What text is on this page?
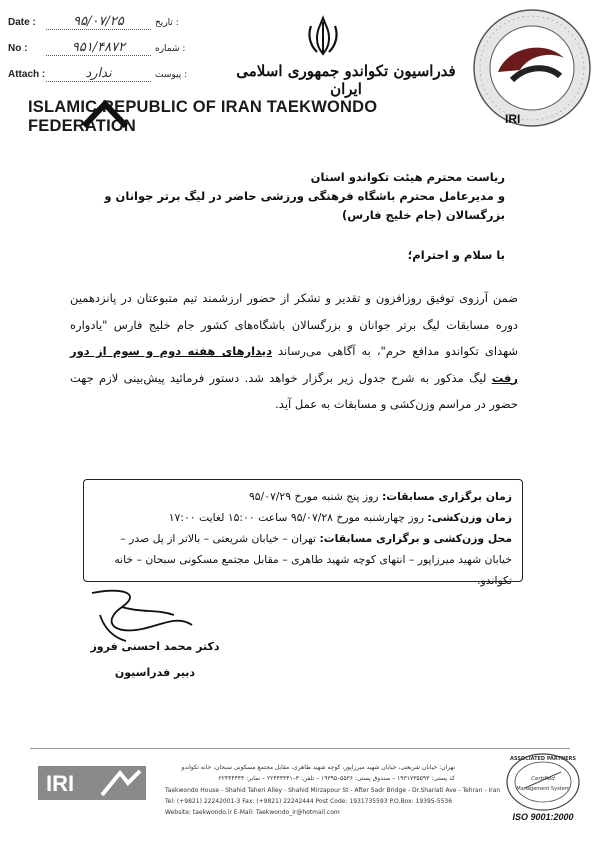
Date :	۹۵/۰۷/۲۵	تاریخ :
No :	۹۵۱/۴۸۷۲	شماره :
Attach :	ندارد	پیوست :	فدراسیون تکواندو جمهوری اسلامی ایران
ISLAMIC REPUBLIC OF IRAN TAEKWONDO FEDERATION	IRI
ریاست محترم هیئت تکواندو استان
و مدیرعامل محترم باشگاه فرهنگی ورزشی حاضر در لیگ برتر جوانان و بزرگسالان (جام خلیج فارس)
با سلام و احترام؛
ضمن آرزوی توفیق روزافزون و تقدیر و تشکر از حضور ارزشمند تیم متبوعتان در پانزدهمین دوره مسابقات لیگ برتر جوانان و بزرگسالان باشگاه‌های کشور جام خلیج فارس "یادواره شهدای تکواندو مدافع حرم"، به آگاهی می‌رساند دیدارهای هفته دوم و سوم از دور رفت لیگ مذکور به شرح جدول زیر برگزار خواهد شد. دستور فرمائید پیش‌بینی لازم جهت حضور در مراسم وزن‌کشی و مسابقات به عمل آید.
زمان برگزاری مسابقات: روز پنج شنبه مورخ ۹۵/۰۷/۲۹
زمان وزن‌کشی: روز چهارشنبه مورخ ۹۵/۰۷/۲۸ ساعت ۱۵:۰۰ لغایت ۱۷:۰۰
محل وزن‌کشی و برگزاری مسابقات: تهران – خیابان شریعتی – بالاتر از پل صدر – خیابان شهید میرزاپور – انتهای کوچه شهید طاهری – مقابل مجتمع مسکونی سبحان – خانه تکواندو.
دکتر محمد احسنی فروز
دبیر فدراسیون
IRI
تهران: خیابان شریعتی، خیابان شهید میرزاپور، کوچه شهید طاهری، مقابل مجتمع مسکونی سبحان، خانه تکواندو
کد پستی: ۱۹۳۱۷۳۵۵۹۳ – صندوق پستی: ۵۵۳۶–۱۹۳۹۵ – تلفن: ۳–۲۲۴۴۴۴۴۱ – نمابر: ۲۲۴۴۴۴۴۴
Taekwondo House - Shahid Taheri Alley - Shahid Mirzapour St - After Sadr Bridge - Dr.Shariati Ave - Tehran - Iran
Tel: (+9821) 22242001-3 Fax: (+9821) 22242444 Post Code: 1931735593 P.O.Box: 19395-5536
Website: taekwondo.ir E-Mail: Taekwondo_ir@hotmail.com
ASSOCIATED PARTNERS
Certified
Management System
ISO 9001:2000
